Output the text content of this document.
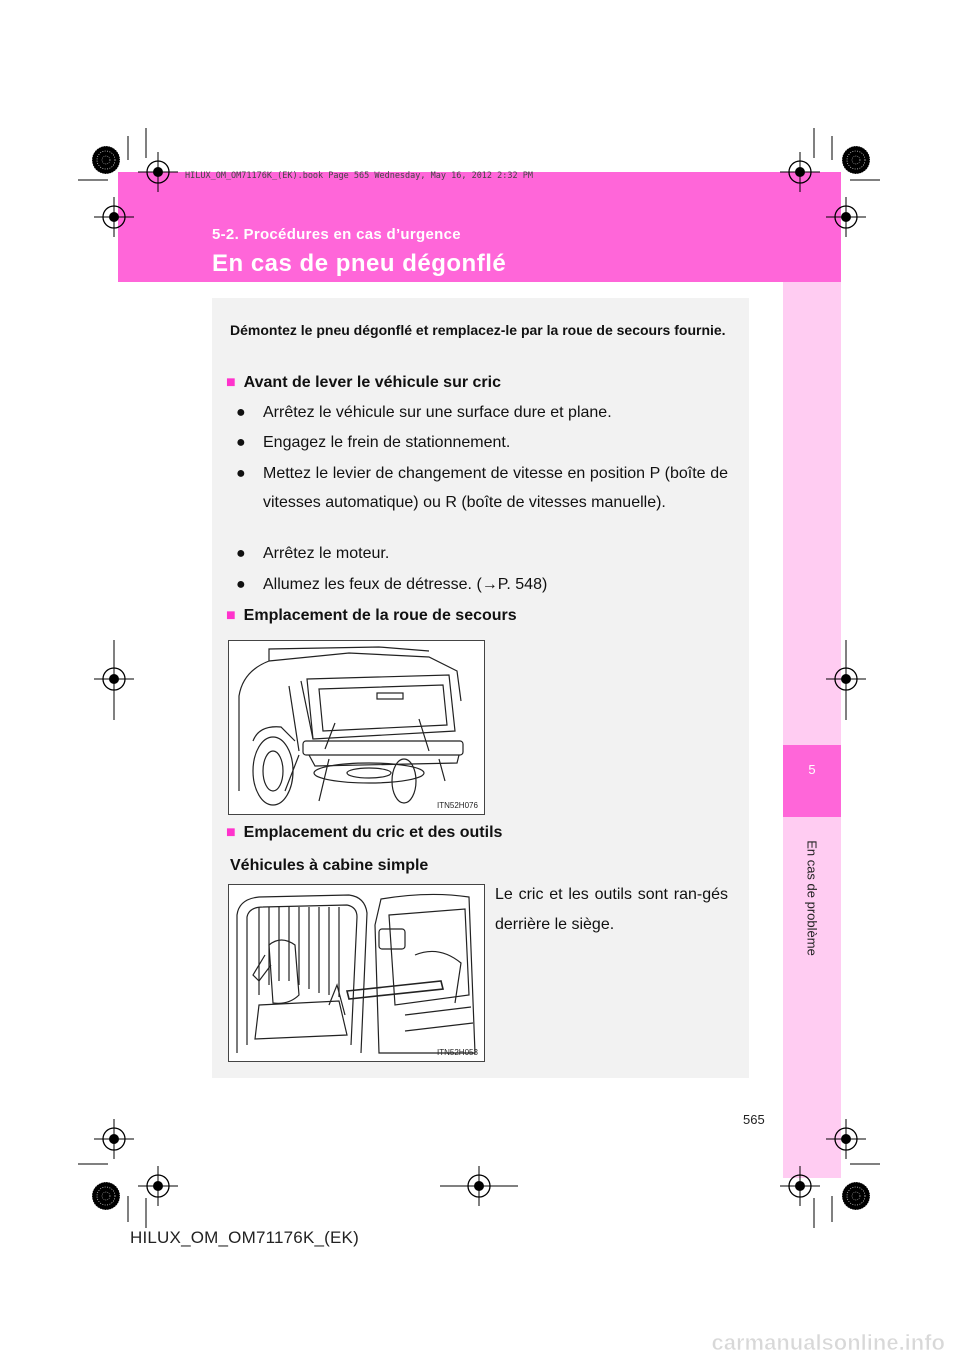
HILUX_OM_OM71176K_(EK).book Page 565 Wednesday, May 16, 2012 2:32 PM
5-2. Procédures en cas d’urgence
En cas de pneu dégonflé
5
En cas de problème
Démontez le pneu dégonflé et remplacez-le par la roue de secours fournie.
■ Avant de lever le véhicule sur cric
● Arrêtez le véhicule sur une surface dure et plane.
● Engagez le frein de stationnement.
● Mettez le levier de changement de vitesse en position P (boîte de vitesses automatique) ou R (boîte de vitesses manuelle).
● Arrêtez le moteur.
● Allumez les feux de détresse. (→P. 548)
■ Emplacement de la roue de secours
ITN52H076
■ Emplacement du cric et des outils
Véhicules à cabine simple
ITN52H053
Le cric et les outils sont ran-gés derrière le siège.
565
HILUX_OM_OM71176K_(EK)
carmanualsonline.info
